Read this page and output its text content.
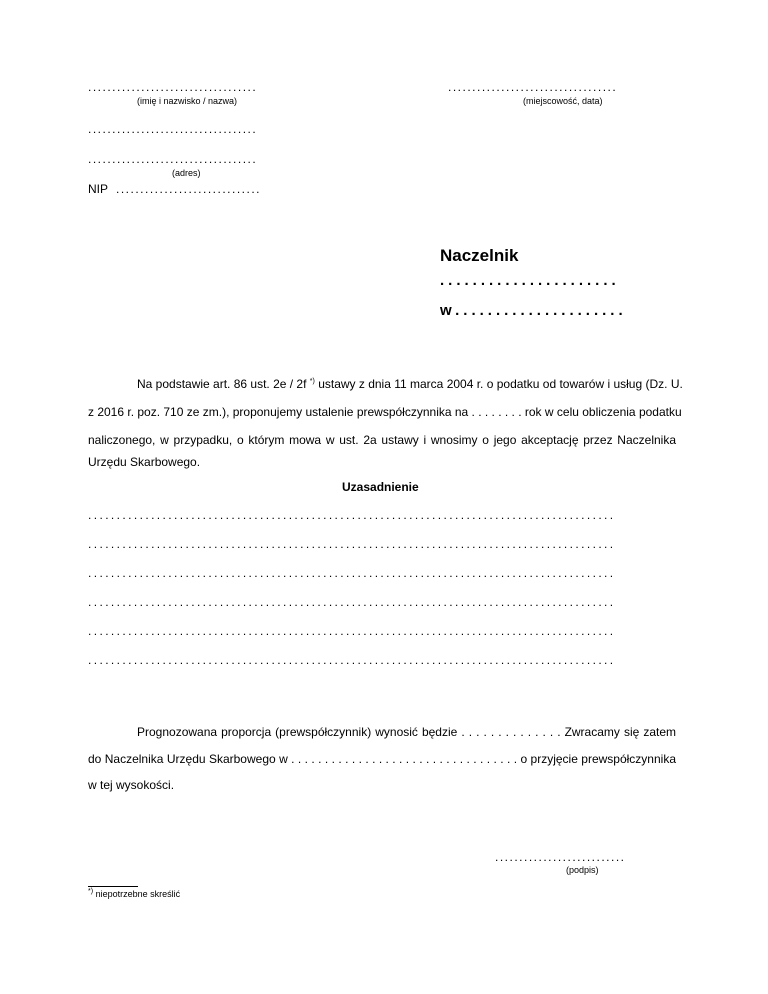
...................................
(imię i nazwisko / nazwa)
...................................
(miejscowość, data)
...................................
...................................
(adres)
NIP ..............................
Naczelnik
......................
w.....................
Na podstawie art. 86 ust. 2e / 2f *) ustawy z dnia 11 marca 2004 r. o podatku od towarów i usług (Dz. U.
z 2016 r. poz. 710 ze zm.), proponujemy ustalenie prewspółczynnika na . . . . . . . . rok w celu obliczenia podatku
naliczonego, w przypadku, o którym mowa w ust. 2a ustawy i wnosimy o jego akceptację przez Naczelnika
Urzędu Skarbowego.
Uzasadnienie
............................................................................................
............................................................................................
............................................................................................
............................................................................................
............................................................................................
............................................................................................
Prognozowana proporcja (prewspółczynnik) wynosić będzie . . . . . . . . . . . . . . Zwracamy się zatem
do Naczelnika Urzędu Skarbowego w . . . . . . . . . . . . . . . . . . . . . . . . . . . . . . . . . . o przyjęcie prewspółczynnika
w tej wysokości.
...........................
(podpis)
*) niepotrzebne skreślić
